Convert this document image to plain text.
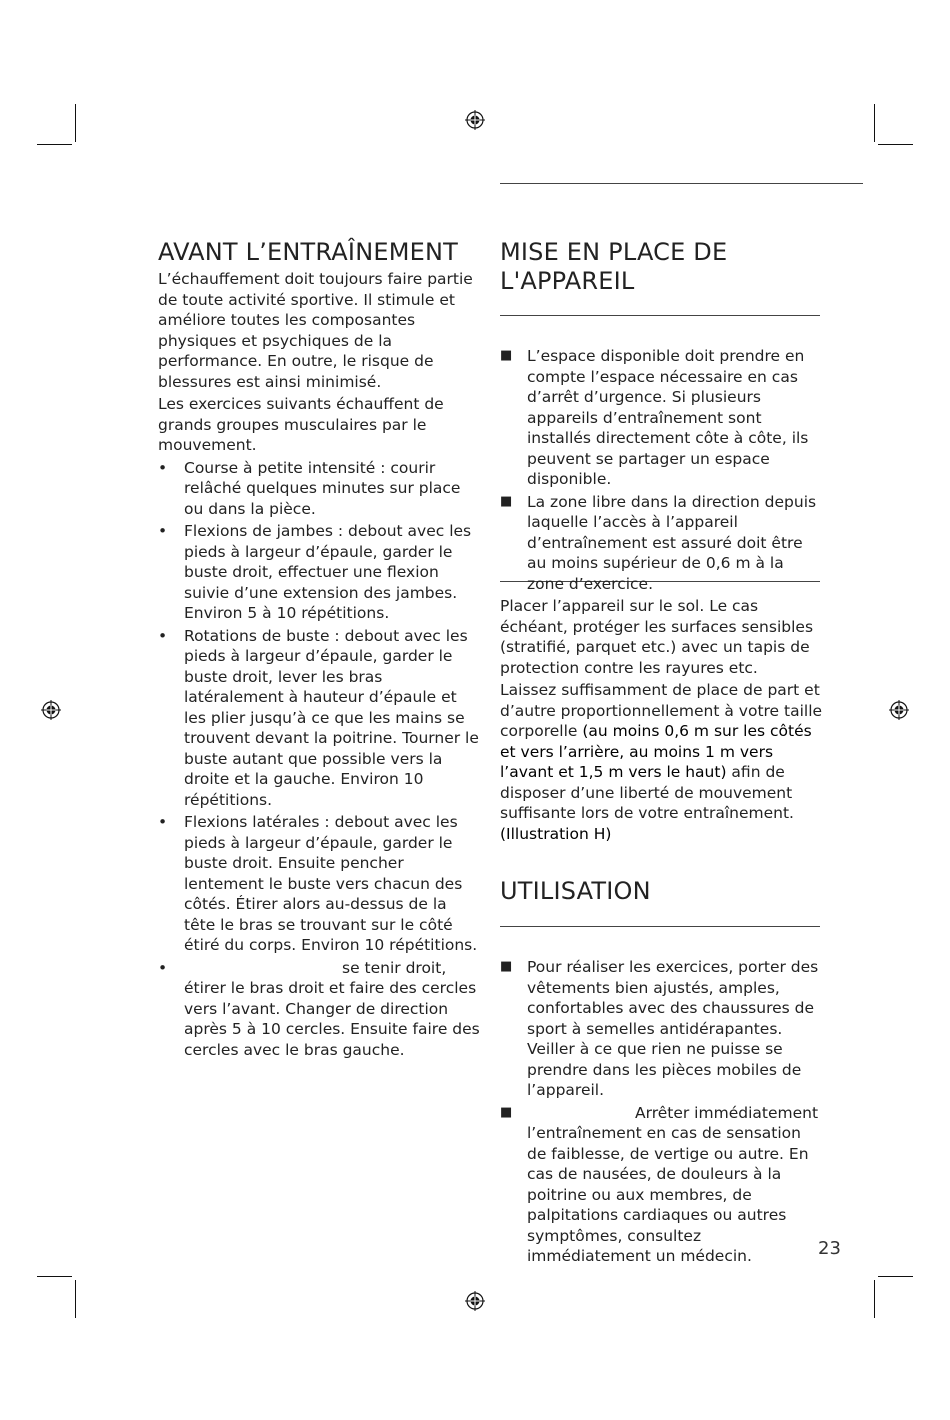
AVANT L’ENTRAÎNEMENT

L’échauffement doit toujours faire partie de toute activité sportive. Il stimule et améliore toutes les composantes physiques et psychiques de la performance. En outre, le risque de blessures est ainsi minimisé.

Les exercices suivants échauffent de grands groupes musculaires par le mouvement.

• Course à petite intensité : courir relâché quelques minutes sur place ou dans la pièce.
• Flexions de jambes : debout avec les pieds à largeur d’épaule, garder le buste droit, effectuer une flexion suivie d’une extension des jambes. Environ 5 à 10 répétitions.
• Rotations de buste : debout avec les pieds à largeur d’épaule, garder le buste droit, lever les bras latéralement à hauteur d’épaule et les plier jusqu’à ce que les mains se trouvent devant la poitrine. Tourner le buste autant que possible vers la droite et la gauche. Environ 10 répétitions.
• Flexions latérales : debout avec les pieds à largeur d’épaule, garder le buste droit. Ensuite pencher lentement le buste vers chacun des côtés. Étirer alors au-dessus de la tête le bras se trouvant sur le côté étiré du corps. Environ 10 répétitions.
•	se tenir droit, étirer le bras droit et faire des cercles vers l’avant. Changer de direction après 5 à 10 cercles. Ensuite faire des cercles avec le bras gauche.
MISE EN PLACE DE L'APPAREIL
■ L’espace disponible doit prendre en compte l’espace nécessaire en cas d’arrêt d’urgence. Si plusieurs appareils d’entraînement sont installés directement côte à côte, ils peuvent se partager un espace disponible.
■ La zone libre dans la direction depuis laquelle l’accès à l’appareil d’entraînement est assuré doit être au moins supérieur de 0,6 m à la zone d’exercice.

Placer l’appareil sur le sol. Le cas échéant, protéger les surfaces sensibles (stratifié, parquet etc.) avec un tapis de protection contre les rayures etc.

Laissez suffisamment de place de part et d’autre proportionnellement à votre taille corporelle (au moins 0,6 m sur les côtés et vers l’arrière, au moins 1 m vers l’avant et 1,5 m vers le haut) afin de disposer d’une liberté de mouvement suffisante lors de votre entraînement. (Illustration H)

UTILISATION
■ Pour réaliser les exercices, porter des vêtements bien ajustés, amples, confortables avec des chaussures de sport à semelles antidérapantes. Veiller à ce que rien ne puisse se prendre dans les pièces mobiles de l’appareil.
■	Arrêter immédiatement l’entraînement en cas de sensation de faiblesse, de vertige ou autre. En cas de nausées, de douleurs à la poitrine ou aux membres, de palpitations cardiaques ou autres symptômes, consultez immédiatement un médecin.	23
